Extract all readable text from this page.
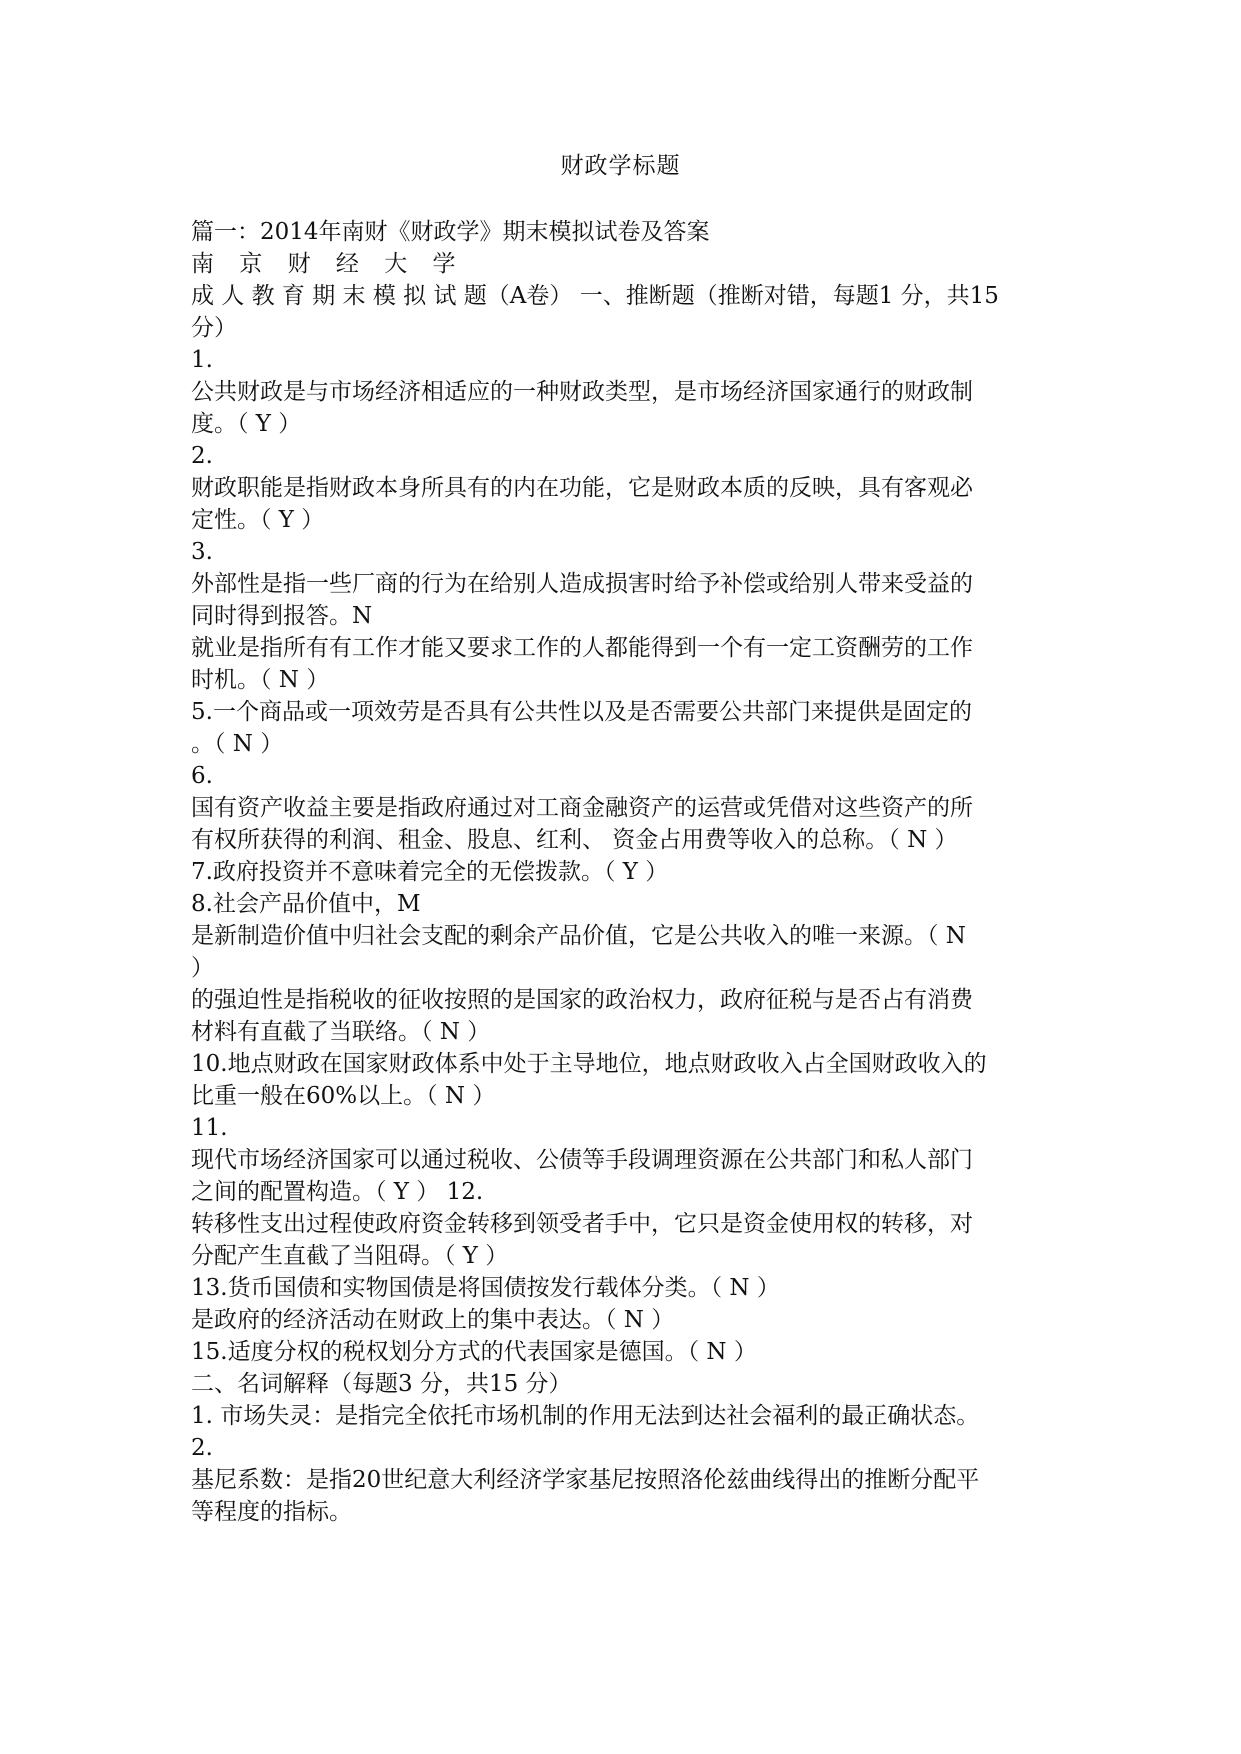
财政学标题
篇一：2014年南财《财政学》期末模拟试卷及答案
南 京 财 经 大 学
成 人 教 育 期 末 模 拟 试 题（A卷） 一、推断题（推断对错，每题1 分，共15
分）
1.
公共财政是与市场经济相适应的一种财政类型，是市场经济国家通行的财政制
度。（ Y ）
2.
财政职能是指财政本身所具有的内在功能，它是财政本质的反映，具有客观必
定性。（ Y ）
3.
外部性是指一些厂商的行为在给别人造成损害时给予补偿或给别人带来受益的
同时得到报答。N
就业是指所有有工作才能又要求工作的人都能得到一个有一定工资酬劳的工作
时机。（ N ）
5.一个商品或一项效劳是否具有公共性以及是否需要公共部门来提供是固定的
。（ N ）
6.
国有资产收益主要是指政府通过对工商金融资产的运营或凭借对这些资产的所
有权所获得的利润、租金、股息、红利、 资金占用费等收入的总称。（ N ）
7.政府投资并不意味着完全的无偿拨款。（ Y ）
8.社会产品价值中，M
是新制造价值中归社会支配的剩余产品价值，它是公共收入的唯一来源。（ N
）
的强迫性是指税收的征收按照的是国家的政治权力，政府征税与是否占有消费
材料有直截了当联络。（ N ）
10.地点财政在国家财政体系中处于主导地位，地点财政收入占全国财政收入的
比重一般在60%以上。（ N ）
11.
现代市场经济国家可以通过税收、公债等手段调理资源在公共部门和私人部门
之间的配置构造。（ Y ） 12.
转移性支出过程使政府资金转移到领受者手中，它只是资金使用权的转移，对
分配产生直截了当阻碍。（ Y ）
13.货币国债和实物国债是将国债按发行载体分类。（ N ）
是政府的经济活动在财政上的集中表达。（ N ）
15.适度分权的税权划分方式的代表国家是德国。（ N ）
二、名词解释（每题3 分，共15 分）
1. 市场失灵：是指完全依托市场机制的作用无法到达社会福利的最正确状态。
2.
基尼系数：是指20世纪意大利经济学家基尼按照洛伦兹曲线得出的推断分配平
等程度的指标。
